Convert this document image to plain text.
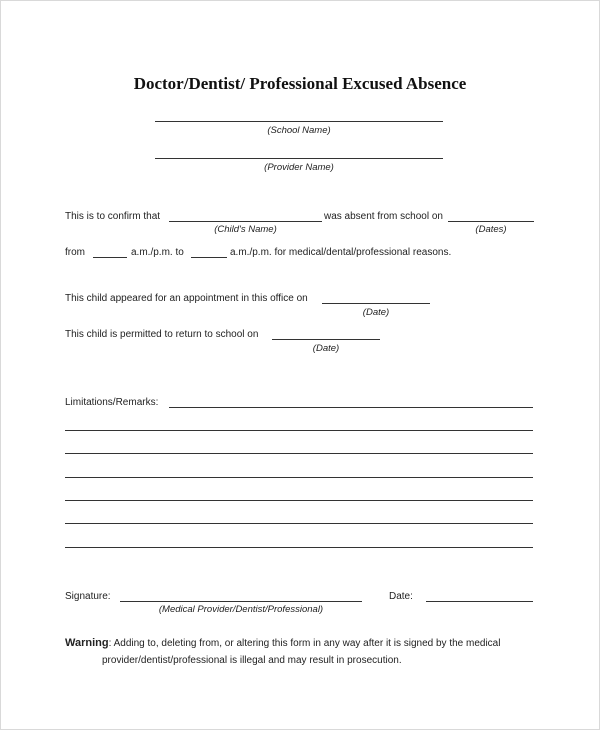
Doctor/Dentist/ Professional Excused Absence
(School Name)
(Provider Name)
This is to confirm that
(Child's Name)
was absent from school on
(Dates)
from	a.m./p.m. to	a.m./p.m. for medical/dental/professional reasons.
This child appeared for an appointment in this office on
(Date)
This child is permitted to return to school on
(Date)
Limitations/Remarks:
Signature:
(Medical Provider/Dentist/Professional)
Date:
Warning: Adding to, deleting from, or altering this form in any way after it is signed by the medical
provider/dentist/professional is illegal and may result in prosecution.
